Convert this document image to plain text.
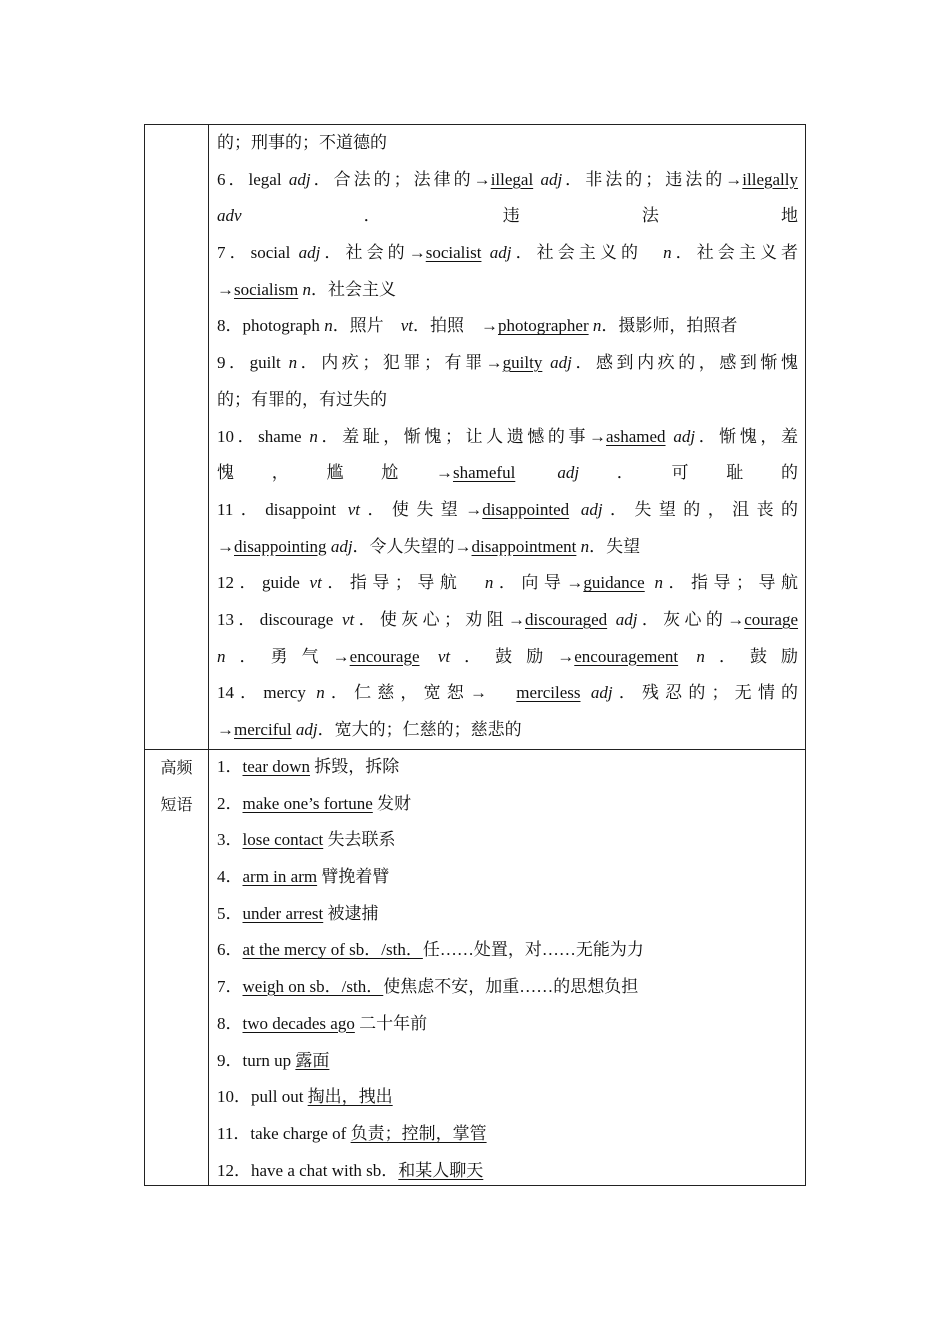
的；刑事的；不道德的
6．legal adj．合法的；法律的→illegal adj．非法的；违法的→illegally
adv．违法地
7．social adj．社会的→socialist adj．社会主义的　n．社会主义者
→socialism n．社会主义
8．photograph n．照片　vt．拍照　→photographer n．摄影师，拍照者
9．guilt n．内疚；犯罪；有罪→guilty adj．感到内疚的，感到惭愧
的；有罪的，有过失的
10．shame n．羞耻，惭愧；让人遗憾的事→ashamed adj．惭愧，羞
愧，尴尬→shameful adj．可耻的
11．disappoint vt．使失望→disappointed adj．失望的，沮丧的
→disappointing adj．令人失望的→disappointment n．失望
12．guide vt．指导；导航　n．向导→guidance n．指导；导航
13．discourage vt．使灰心；劝阻→discouraged adj．灰心的→courage
n．勇气→encourage vt．鼓励→encouragement n．鼓励
14．mercy n．仁慈，宽恕→　merciless adj．残忍的；无情的
→merciful adj．宽大的；仁慈的；慈悲的
高频
短语
1．tear down 拆毁，拆除
2．make one’s fortune 发财
3．lose contact 失去联系
4．arm in arm 臂挽着臂
5．under arrest 被逮捕
6．at the mercy of sb．/sth．任……处置，对……无能为力
7．weigh on sb．/sth．使焦虑不安，加重……的思想负担
8．two decades ago 二十年前
9．turn up 露面
10．pull out 掏出，拽出
11．take charge of 负责；控制，掌管
12．have a chat with sb．和某人聊天
